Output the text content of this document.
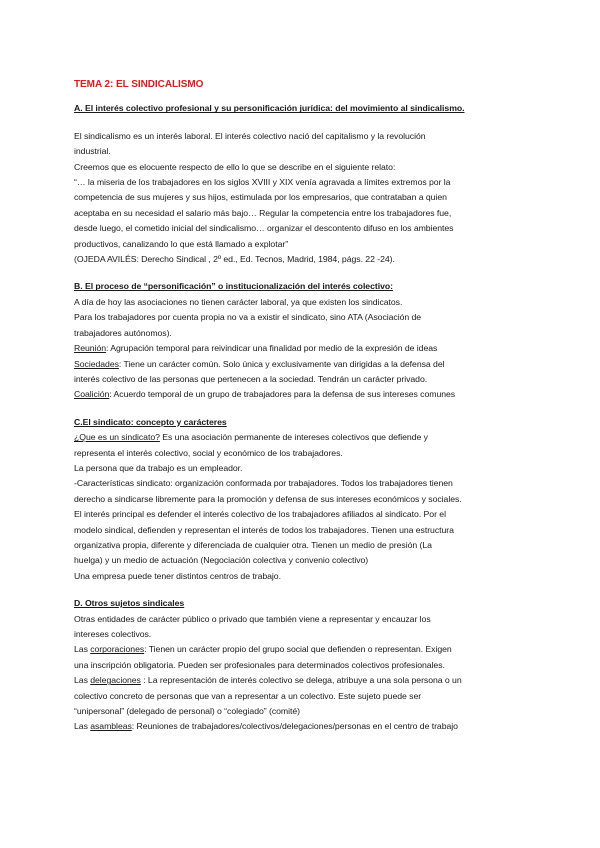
TEMA 2: EL SINDICALISMO

A. El interés colectivo profesional y su personificación jurídica: del movimiento al sindicalismo.

El sindicalismo es un interés laboral. El interés colectivo nació del capitalismo y la revolución

industrial.

Creemos que es elocuente respecto de ello lo que se describe en el siguiente relato:

“… la miseria de los trabajadores en los siglos XVIII y XIX venía agravada a límites extremos por la

competencia de sus mujeres y sus hijos, estimulada por los empresarios, que contrataban a quien

aceptaba en su necesidad el salario más bajo… Regular la competencia entre los trabajadores fue,

desde luego, el cometido inicial del sindicalismo… organizar el descontento difuso en los ambientes

productivos, canalizando lo que está llamado a explotar”

(OJEDA AVILÉS: Derecho Sindical , 2º ed., Ed. Tecnos, Madrid, 1984, págs. 22 -24).

B. El proceso de “personificación” o institucionalización del interés colectivo:

A día de hoy las asociaciones no tienen carácter laboral, ya que existen los sindicatos.

Para los trabajadores por cuenta propia no va a existir el sindicato, sino ATA (Asociación de

trabajadores autónomos).

Reunión: Agrupación temporal para reivindicar una finalidad por medio de la expresión de ideas

Sociedades: Tiene un carácter común. Solo única y exclusivamente van dirigidas a la defensa del

interés colectivo de las personas que pertenecen a la sociedad. Tendrán un carácter privado.

Coalición: Acuerdo temporal de un grupo de trabajadores para la defensa de sus intereses comunes

C.El sindicato: concepto y carácteres

¿Que es un sindicato? Es una asociación permanente de intereses colectivos que defiende y

representa el interés colectivo, social y económico de los trabajadores.

La persona que da trabajo es un empleador.

-Características sindicato: organización conformada por trabajadores. Todos los trabajadores tienen

derecho a sindicarse libremente para la promoción y defensa de sus intereses económicos y sociales.

El interés principal es defender el interés colectivo de los trabajadores afiliados al sindicato. Por el

modelo sindical, defienden y representan el interés de todos los trabajadores. Tienen una estructura

organizativa propia, diferente y diferenciada de cualquier otra. Tienen un medio de presión (La

huelga) y un medio de actuación (Negociación colectiva y convenio colectivo)

Una empresa puede tener distintos centros de trabajo.

D. Otros sujetos sindicales

Otras entidades de carácter público o privado que también viene a representar y encauzar los

intereses colectivos.

Las corporaciones: Tienen un carácter propio del grupo social que defienden o representan. Exigen

una inscripción obligatoria. Pueden ser profesionales para determinados colectivos profesionales.

Las delegaciones : La representación de interés colectivo se delega, atribuye a una sola persona o un

colectivo concreto de personas que van a representar a un colectivo. Este sujeto puede ser

“unipersonal” (delegado de personal) o “colegiado” (comité)

Las asambleas: Reuniones de trabajadores/colectivos/delegaciones/personas en el centro de trabajo
